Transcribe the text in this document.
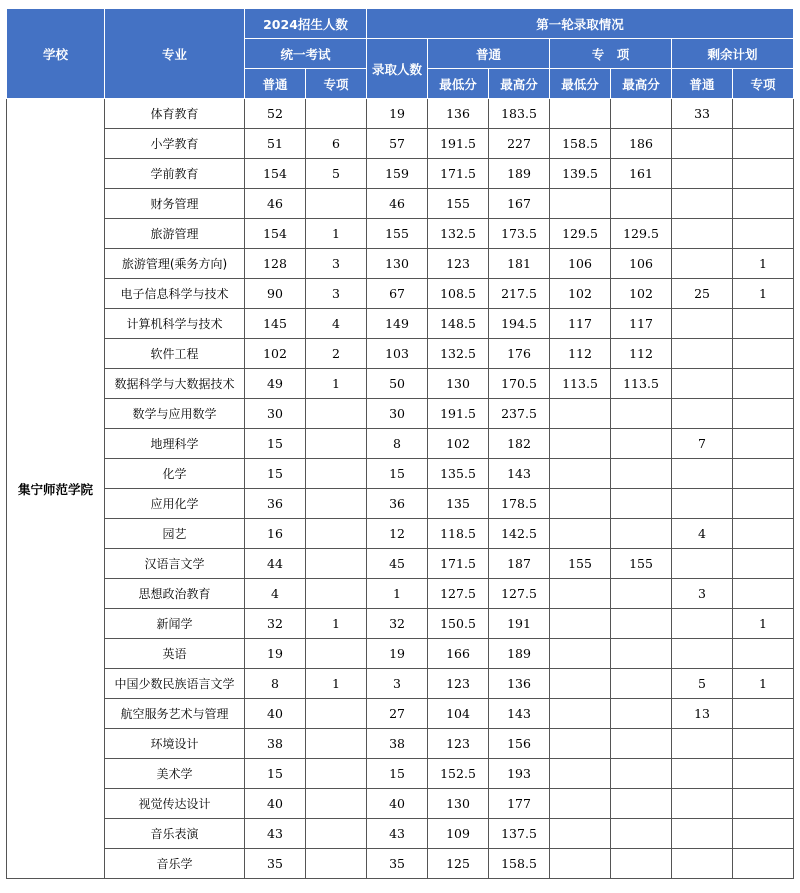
学校	专业	2024招生人数		第一轮录取情况						
		统一考试		录取人数	普通		专　项		剩余计划	
		普通	专项		最低分	最高分	最低分	最高分	普通	专项
集宁师范学院	体育教育	52		19	136	183.5			33	
	小学教育	51	6	57	191.5	227	158.5	186		
	学前教育	154	5	159	171.5	189	139.5	161		
	财务管理	46		46	155	167				
	旅游管理	154	1	155	132.5	173.5	129.5	129.5		
	旅游管理(乘务方向)	128	3	130	123	181	106	106		1
	电子信息科学与技术	90	3	67	108.5	217.5	102	102	25	1
	计算机科学与技术	145	4	149	148.5	194.5	117	117		
	软件工程	102	2	103	132.5	176	112	112		
	数据科学与大数据技术	49	1	50	130	170.5	113.5	113.5		
	数学与应用数学	30		30	191.5	237.5				
	地理科学	15		8	102	182			7	
	化学	15		15	135.5	143				
	应用化学	36		36	135	178.5				
	园艺	16		12	118.5	142.5			4	
	汉语言文学	44		45	171.5	187	155	155		
	思想政治教育	4		1	127.5	127.5			3	
	新闻学	32	1	32	150.5	191				1
	英语	19		19	166	189				
	中国少数民族语言文学	8	1	3	123	136			5	1
	航空服务艺术与管理	40		27	104	143			13	
	环境设计	38		38	123	156				
	美术学	15		15	152.5	193				
	视觉传达设计	40		40	130	177				
	音乐表演	43		43	109	137.5				
	音乐学	35		35	125	158.5				
